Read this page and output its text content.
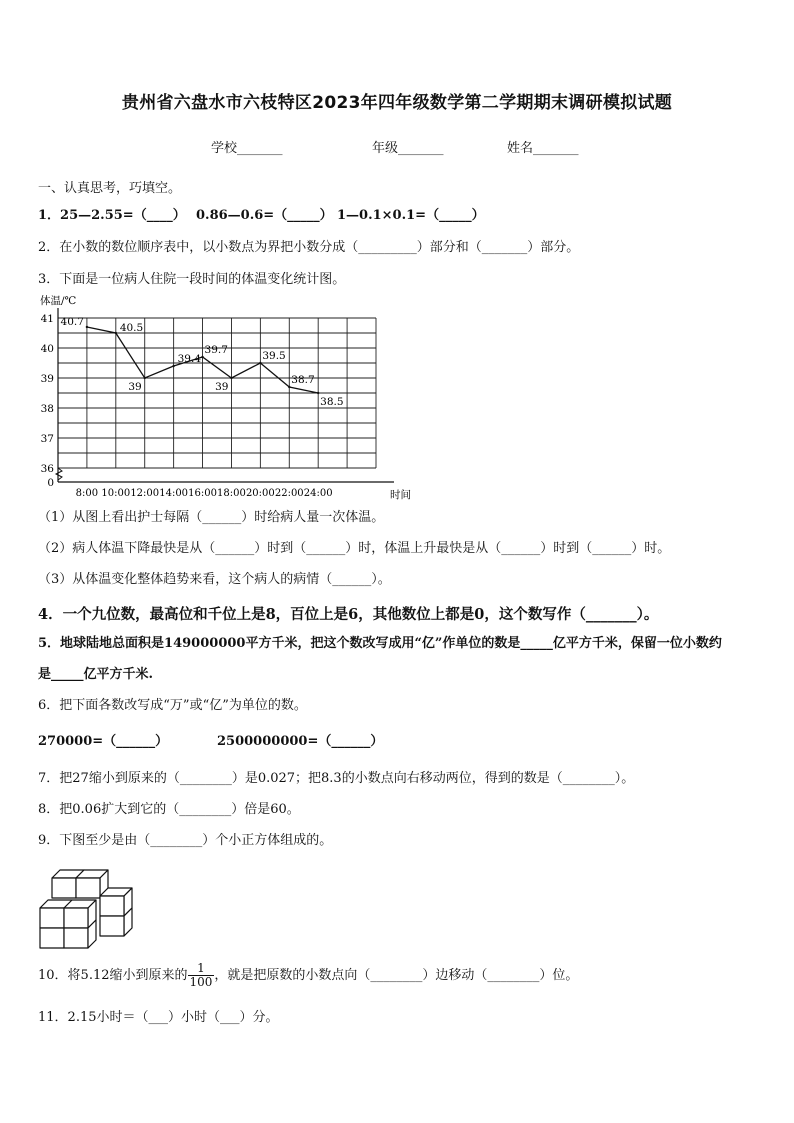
贵州省六盘水市六枝特区2023年四年级数学第二学期期末调研模拟试题
学校_______	年级_______	姓名_______
一、认真思考，巧填空。
1．25—2.55=（____） 0.86—0.6=（_____） 1—0.1×0.1=（_____）
2．在小数的数位顺序表中，以小数点为界把小数分成（_________）部分和（_______）部分。
3．下面是一位病人住院一段时间的体温变化统计图。
体温/℃
时间
41
40
39
38
37
36
0
8:00 10:00 12:00 14:00 16:00 18:00 20:00 22:00 24:00
40.7	40.5
39
39.4
39.7
39
39.5
38.7
38.5
（1）从图上看出护士每隔（______）时给病人量一次体温。
（2）病人体温下降最快是从（______）时到（______）时，体温上升最快是从（______）时到（______）时。
（3）从体温变化整体趋势来看，这个病人的病情（______）。
4．一个九位数，最高位和千位上是8，百位上是6，其他数位上都是0，这个数写作（_______）。
5．地球陆地总面积是149000000平方千米，把这个数改写成用“亿”作单位的数是_____亿平方千米，保留一位小数约
是_____亿平方千米.
6．把下面各数改写成“万”或“亿”为单位的数。
270000=（______）	2500000000=（______）
7．把27缩小到原来的（________）是0.027；把8.3的小数点向右移动两位，得到的数是（________）。
8．把0.06扩大到它的（________）倍是60。
9．下图至少是由（________）个小正方体组成的。
10．将5.12缩小到原来的 $\frac{1}{100}$ ，就是把原数的小数点向（________）边移动（________）位。
11．2.15小时＝（___）小时（___）分。
